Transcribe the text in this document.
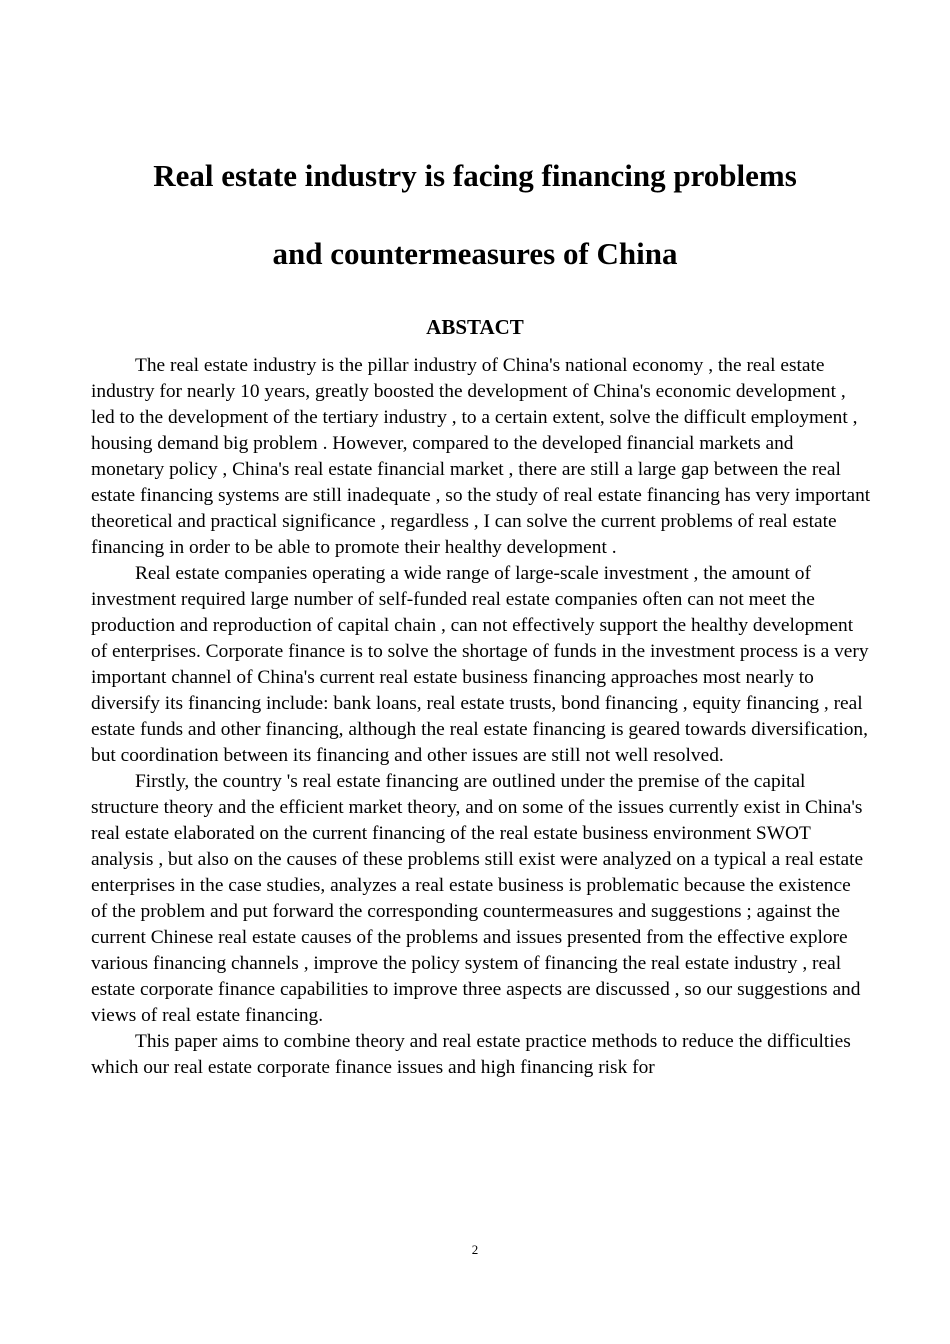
Real estate industry is facing financing problems
and countermeasures of China
ABSTACT

The real estate industry is the pillar industry of China's national economy , the real estate industry for nearly 10 years, greatly boosted the development of China's economic development , led to the development of the tertiary industry , to a certain extent, solve the difficult employment , housing demand big problem . However, compared to the developed financial markets and monetary policy , China's real estate financial market , there are still a large gap between the real estate financing systems are still inadequate , so the study of real estate financing has very important theoretical and practical significance , regardless , I can solve the current problems of real estate financing in order to be able to promote their healthy development .

Real estate companies operating a wide range of large-scale investment , the amount of investment required large number of self-funded real estate companies often can not meet the production and reproduction of capital chain , can not effectively support the healthy development of enterprises. Corporate finance is to solve the shortage of funds in the investment process is a very important channel of China's current real estate business financing approaches most nearly to diversify its financing include: bank loans, real estate trusts, bond financing , equity financing , real estate funds and other financing, although the real estate financing is geared towards diversification, but coordination between its financing and other issues are still not well resolved.

Firstly, the country 's real estate financing are outlined under the premise of the capital structure theory and the efficient market theory, and on some of the issues currently exist in China's real estate elaborated on the current financing of the real estate business environment SWOT analysis , but also on the causes of these problems still exist were analyzed on a typical a real estate enterprises in the case studies, analyzes a real estate business is problematic because the existence of the problem and put forward the corresponding countermeasures and suggestions ; against the current Chinese real estate causes of the problems and issues presented from the effective explore various financing channels , improve the policy system of financing the real estate industry , real estate corporate finance capabilities to improve three aspects are discussed , so our suggestions and views of real estate financing.

This paper aims to combine theory and real estate practice methods to reduce the difficulties which our real estate corporate finance issues and high financing risk for

2
